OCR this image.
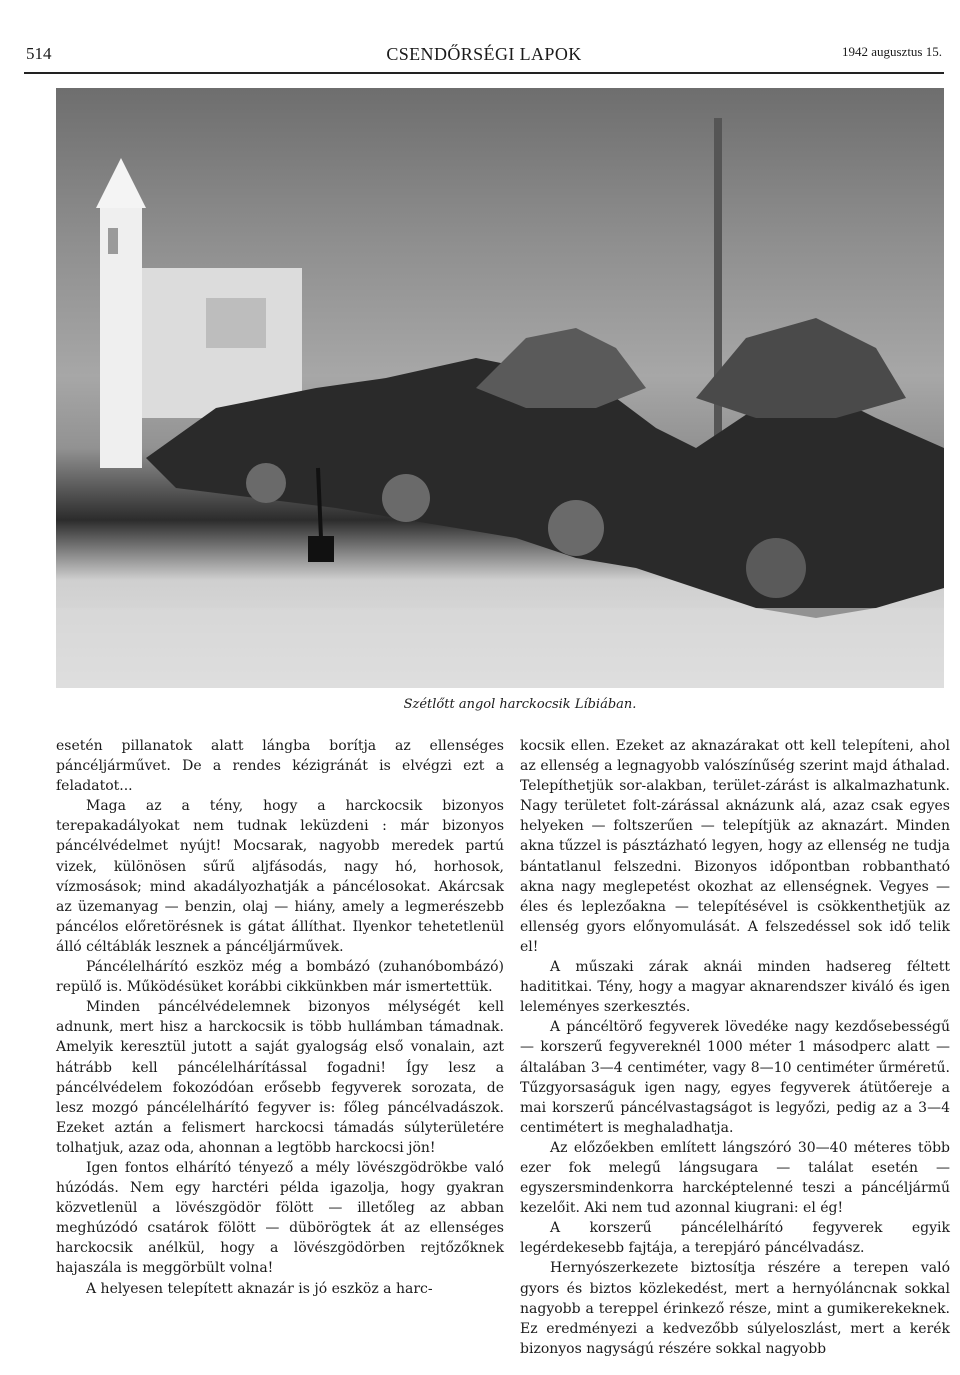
514	CSENDŐRSÉGI LAPOK	1942 augusztus 15.
Szétlőtt angol harckocsik Líbiában.

esetén pillanatok alatt lángba borítja az ellenséges páncéljárművet. De a rendes kézigránát is elvégzi ezt a feladatot...

Maga az a tény, hogy a harckocsik bizonyos terepakadályokat nem tudnak leküzdeni : már bizonyos páncélvédelmet nyújt! Mocsarak, nagyobb meredek partú vizek, különösen sűrű aljfásodás, nagy hó, horhosok, vízmosások; mind akadályozhatják a páncélosokat. Akárcsak az üzemanyag — benzin, olaj — hiány, amely a legmerészebb páncélos előretörésnek is gátat állíthat. Ilyenkor tehetetlenül álló céltáblák lesznek a páncéljárművek.

Páncélelhárító eszköz még a bombázó (zuhanóbombázó) repülő is. Működésüket korábbi cikkünkben már ismertettük.

Minden páncélvédelemnek bizonyos mélységét kell adnunk, mert hisz a harckocsik is több hullámban támadnak. Amelyik keresztül jutott a saját gyalogság első vonalain, azt hátrább kell páncélelhárítással fogadni! Így lesz a páncélvédelem fokozódóan erősebb fegyverek sorozata, de lesz mozgó páncélelhárító fegyver is: főleg páncélvadászok. Ezeket aztán a felismert harckocsi támadás súlyterületére tolhatjuk, azaz oda, ahonnan a legtöbb harckocsi jön!

Igen fontos elhárító tényező a mély lövészgödrökbe való húzódás. Nem egy harctéri példa igazolja, hogy gyakran közvetlenül a lövészgödör fölött — illetőleg az abban meghúzódó csatárok fölött — dübörögtek át az ellenséges harckocsik anélkül, hogy a lövészgödörben rejtőzőknek hajaszála is meggörbült volna!

A helyesen telepített aknazár is jó eszköz a harc-

kocsik ellen. Ezeket az aknazárakat ott kell telepíteni, ahol az ellenség a legnagyobb valószínűség szerint majd áthalad. Telepíthetjük sor-alakban, terület-zárást is alkalmazhatunk. Nagy területet folt-zárással aknázunk alá, azaz csak egyes helyeken — foltszerűen — telepítjük az aknazárt. Minden akna tűzzel is pásztázható legyen, hogy az ellenség ne tudja bántatlanul felszedni. Bizonyos időpontban robbantható akna nagy meglepetést okozhat az ellenségnek. Vegyes — éles és leplezőakna — telepítésével is csökkenthetjük az ellenség gyors előnyomulását. A felszedéssel sok idő telik el!

A műszaki zárak aknái minden hadsereg féltett hadititkai. Tény, hogy a magyar aknarendszer kiváló és igen leleményes szerkesztés.

A páncéltörő fegyverek lövedéke nagy kezdősebességű — korszerű fegyvereknél 1000 méter 1 másodperc alatt — általában 3—4 centiméter, vagy 8—10 centiméter űrméretű. Tűzgyorsaságuk igen nagy, egyes fegyverek átütőereje a mai korszerű páncélvastagságot is legyőzi, pedig az a 3—4 centimétert is meghaladhatja.

Az előzőekben említett lángszóró 30—40 méteres több ezer fok melegű lángsugara — találat esetén — egyszersmindenkorra harcképtelenné teszi a páncéljármű kezelőit. Aki nem tud azonnal kiugrani: el ég!

A korszerű páncélelhárító fegyverek egyik legérdekesebb fajtája, a terepjáró páncélvadász.

Hernyószerkezete biztosítja részére a terepen való gyors és biztos közlekedést, mert a hernyóláncnak sokkal nagyobb a tereppel érinkező része, mint a gumikerekeknek. Ez eredményezi a kedvezőbb súlyeloszlást, mert a kerék bizonyos nagyságú részére sokkal nagyobb
